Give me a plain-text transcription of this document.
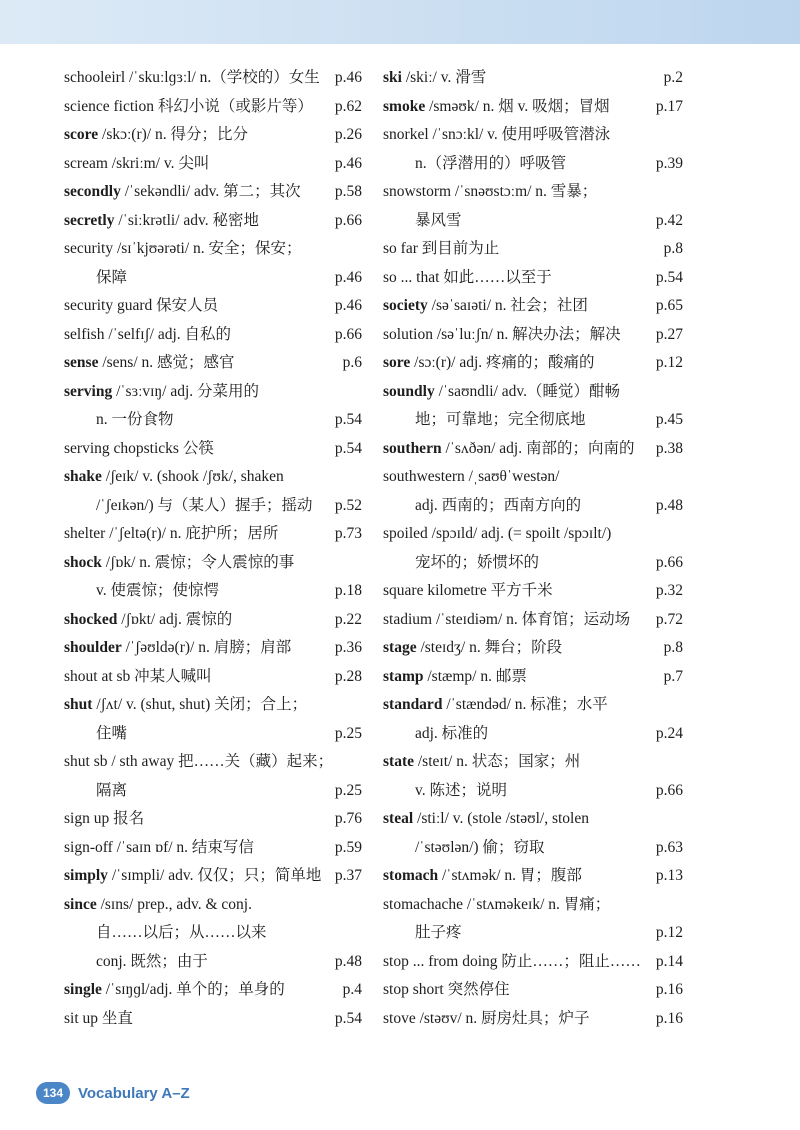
schooleirl /ˈskuːlɡɜːl/ n.（学校的）女生 p.46
science fiction 科幻小说（或影片等） p.62
score /skɔː(r)/ n. 得分；比分	p.26
scream /skriːm/ v. 尖叫	p.46
secondly /ˈsekəndli/ adv. 第二；其次 p.58
secretly /ˈsiːkrətli/ adv. 秘密地	p.66
security /sɪˈkjʊərəti/ n. 安全；保安；
保障	p.46
security guard 保安人员	p.46
selfish /ˈselfɪʃ/ adj. 自私的	p.66
sense /sens/ n. 感觉；感官	p.6
serving /ˈsɜːvɪŋ/ adj. 分菜用的
n. 一份食物	p.54
serving chopsticks 公筷	p.54
shake /ʃeɪk/ v. (shook /ʃʊk/, shaken
/ˈʃeɪkən/) 与（某人）握手；摇动 p.52
shelter /ˈʃeltə(r)/ n. 庇护所；居所	p.73
shock /ʃɒk/ n. 震惊；令人震惊的事
v. 使震惊；使惊愕	p.18
shocked /ʃɒkt/ adj. 震惊的	p.22
shoulder /ˈʃəʊldə(r)/ n. 肩膀；肩部	p.36
shout at sb 冲某人喊叫	p.28
shut /ʃʌt/ v. (shut, shut) 关闭；合上；
住嘴	p.25
shut sb / sth away 把……关（藏）起来；
隔离	p.25
sign up 报名	p.76
sign-off /ˈsaɪn ɒf/ n. 结束写信	p.59
simply /ˈsɪmpli/ adv. 仅仅；只；简单地 p.37
since /sɪns/ prep., adv. & conj.
自……以后；从……以来
conj. 既然；由于	p.48
single /ˈsɪŋɡl/adj. 单个的；单身的	p.4
sit up 坐直	p.54
ski /skiː/ v. 滑雪	p.2
smoke /sməʊk/ n. 烟 v. 吸烟；冒烟	p.17
snorkel /ˈsnɔːkl/ v. 使用呼吸管潜泳
n.（浮潜用的）呼吸管	p.39
snowstorm /ˈsnəʊstɔːm/ n. 雪暴；
暴风雪	p.42
so far 到目前为止	p.8
so ... that 如此……以至于	p.54
society /səˈsaɪəti/ n. 社会；社团	p.65
solution /səˈluːʃn/ n. 解决办法；解决 p.27
sore /sɔː(r)/ adj. 疼痛的；酸痛的	p.12
soundly /ˈsaʊndli/ adv.（睡觉）酣畅
地；可靠地；完全彻底地	p.45
southern /ˈsʌðən/ adj. 南部的；向南的 p.38
southwestern /ˌsaʊθˈwestən/
adj. 西南的；西南方向的	p.48
spoiled /spɔɪld/ adj. (= spoilt /spɔɪlt/)
宠坏的；娇惯坏的	p.66
square kilometre 平方千米	p.32
stadium /ˈsteɪdiəm/ n. 体育馆；运动场 p.72
stage /steɪdʒ/ n. 舞台；阶段	p.8
stamp /stæmp/ n. 邮票	p.7
standard /ˈstændəd/ n. 标准；水平
adj. 标准的	p.24
state /steɪt/ n. 状态；国家；州
v. 陈述；说明	p.66
steal /stiːl/ v. (stole /stəʊl/, stolen
/ˈstəʊlən/) 偷；窃取	p.63
stomach /ˈstʌmək/ n. 胃；腹部	p.13
stomachache /ˈstʌməkeɪk/ n. 胃痛；
肚子疼	p.12
stop ... from doing 防止……；阻止…… p.14
stop short 突然停住	p.16
stove /stəʊv/ n. 厨房灶具；炉子	p.16
134 Vocabulary A–Z
